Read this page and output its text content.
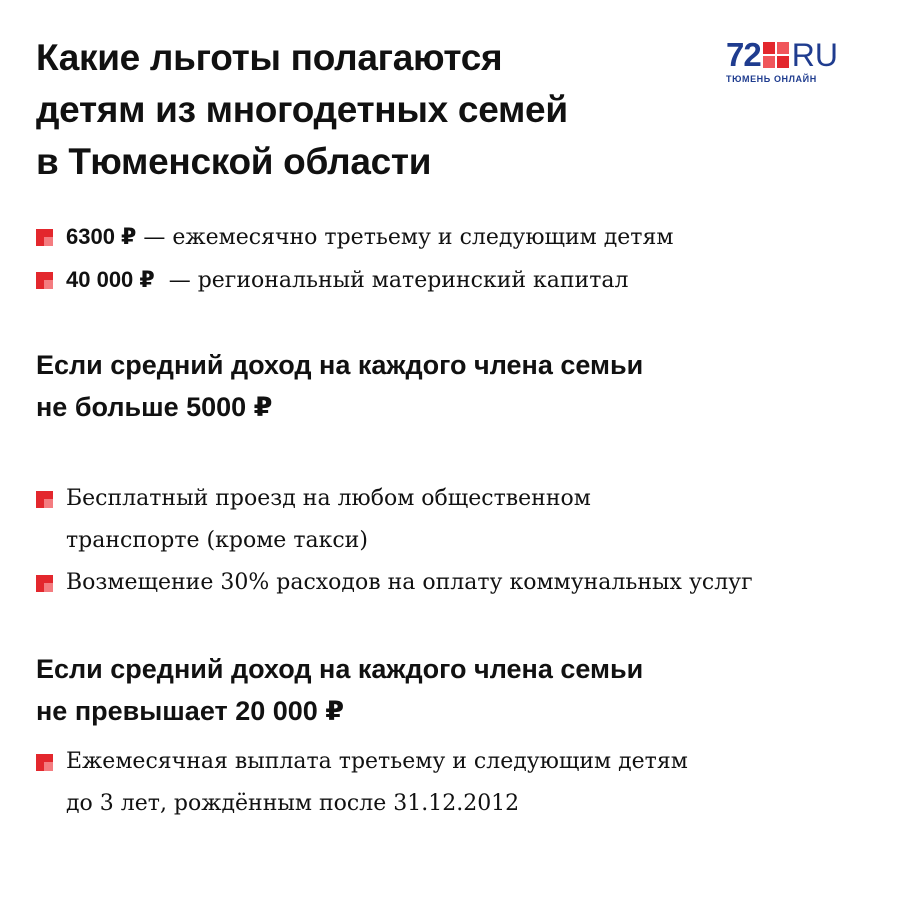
Какие льготы полагаются
детям из многодетных семей
в Тюменской области
72 RU
ТЮМЕНЬ ОНЛАЙН
6300 ₽ — ежемесячно третьему и следующим детям
40 000 ₽  — региональный материнский капитал
Если средний доход на каждого члена семьи
не больше 5000 ₽
Бесплатный проезд на любом общественном
транспорте (кроме такси)
Возмещение 30% расходов на оплату коммунальных услуг
Если средний доход на каждого члена семьи
не превышает 20 000 ₽
Ежемесячная выплата третьему и следующим детям
до 3 лет, рождённым после 31.12.2012
